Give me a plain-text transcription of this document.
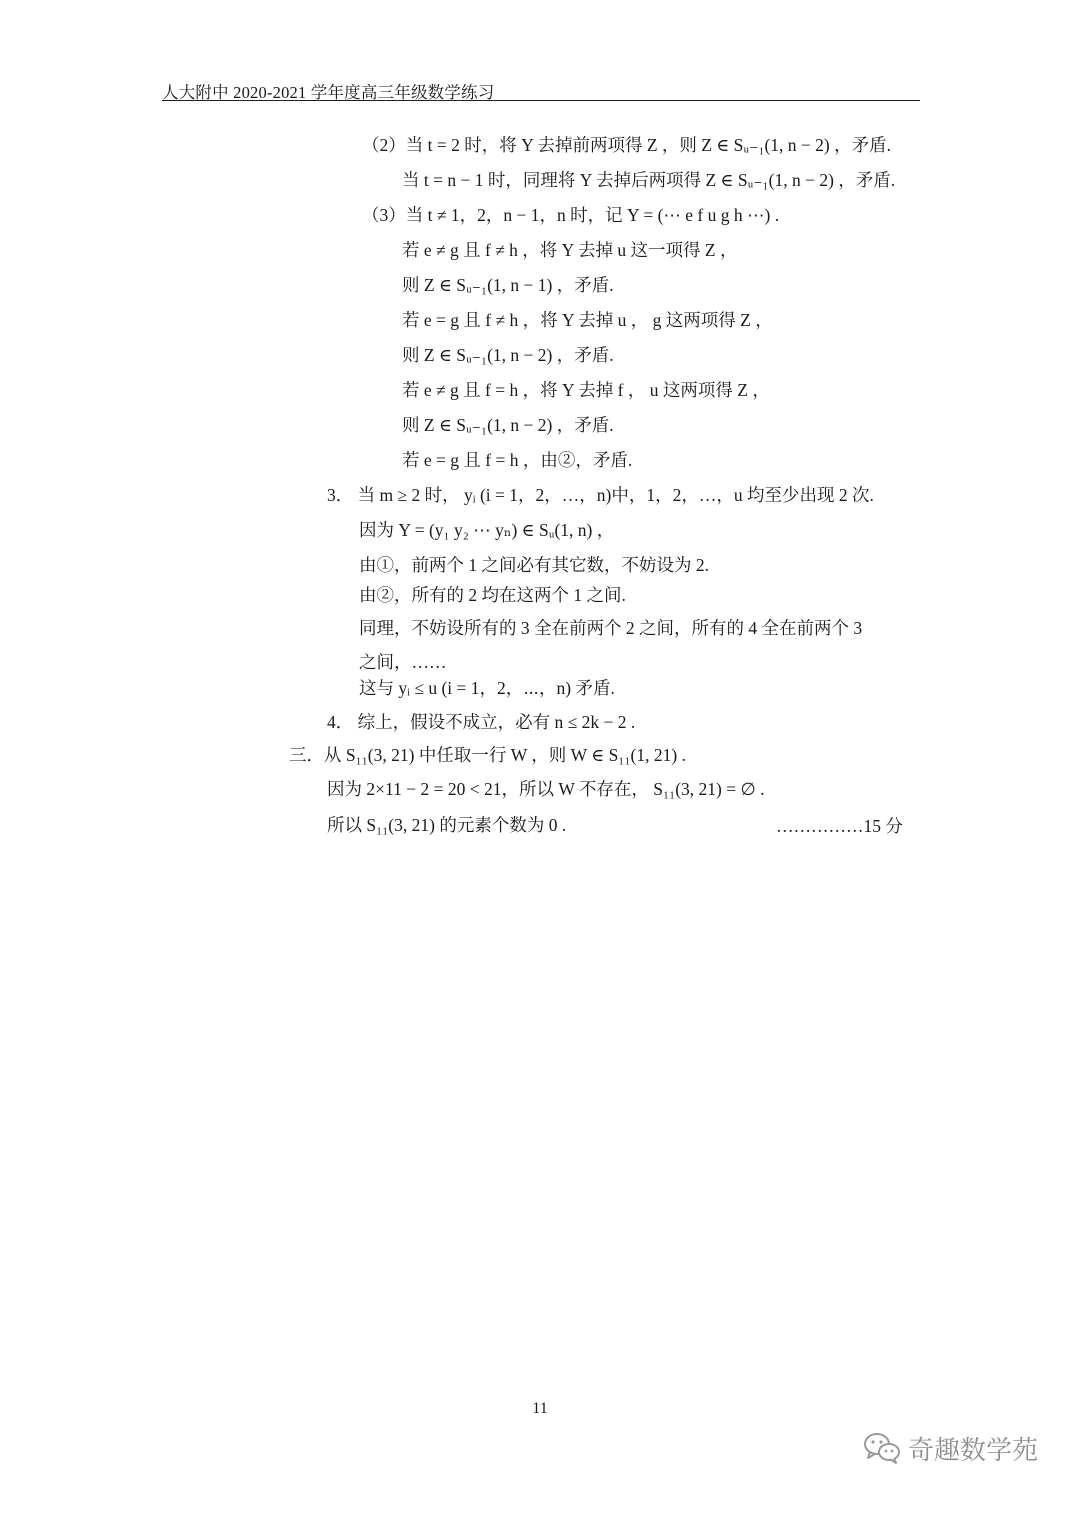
人大附中 2020-2021 学年度高三年级数学练习
（2）当 t = 2 时，将 Y 去掉前两项得 Z ，则 Z ∈ Sᵤ₋₁(1, n − 2) ，矛盾.
当 t = n − 1 时，同理将 Y 去掉后两项得 Z ∈ Sᵤ₋₁(1, n − 2) ，矛盾.
（3）当 t ≠ 1，2，n − 1，n 时，记 Y = (⋯ e f u g h ⋯) .
若 e ≠ g 且 f ≠ h ，将 Y 去掉 u 这一项得 Z ，
则 Z ∈ Sᵤ₋₁(1, n − 1) ，矛盾.
若 e = g 且 f ≠ h ，将 Y 去掉 u ， g 这两项得 Z ，
则 Z ∈ Sᵤ₋₁(1, n − 2) ，矛盾.
若 e ≠ g 且 f = h ，将 Y 去掉 f ， u 这两项得 Z ，
则 Z ∈ Sᵤ₋₁(1, n − 2) ，矛盾.
若 e = g 且 f = h ，由②，矛盾.
3． 当 m ≥ 2 时， yᵢ (i = 1，2，…，n)中，1，2，…，u 均至少出现 2 次.
因为 Y = (y₁ y₂ ⋯ yₙ) ∈ Sᵤ(1, n) ，
由①，前两个 1 之间必有其它数，不妨设为 2.
由②，所有的 2 均在这两个 1 之间.
同理，不妨设所有的 3 全在前两个 2 之间，所有的 4 全在前两个 3
之间，……
这与 yᵢ ≤ u (i = 1，2，⋯，n) 矛盾.
4． 综上，假设不成立，必有 n ≤ 2k − 2 .
三．从 S₁₁(3, 21) 中任取一行 W ，则 W ∈ S₁₁(1, 21) .
因为 2×11 − 2 = 20 < 21，所以 W 不存在， S₁₁(3, 21) = ∅ .
所以 S₁₁(3, 21) 的元素个数为 0 .	……………15 分
11
奇趣数学苑
